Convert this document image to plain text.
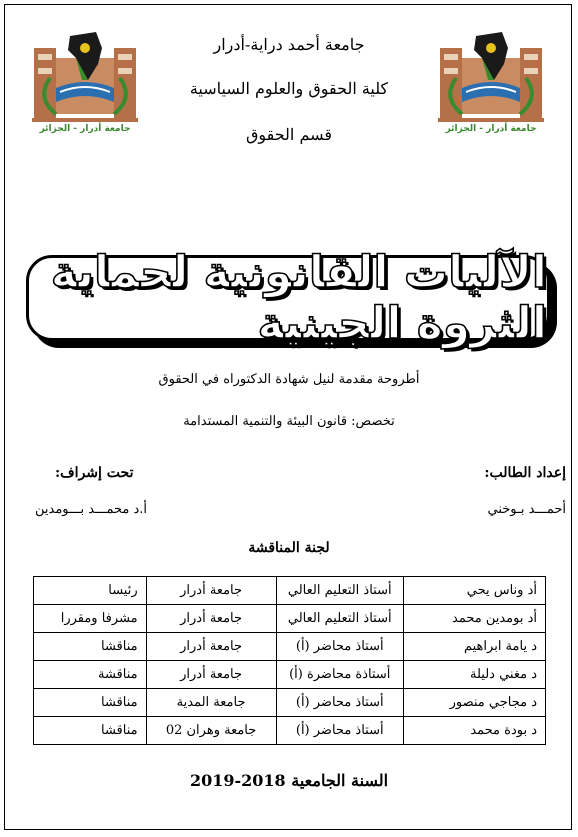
جامعة أدرار - الجزائر	جامعة أدرار - الجزائر
جامعة أحمد دراية-أدرار
كلية الحقوق والعلوم السياسية
قسم الحقوق
الآليات القانونية لحماية الثروة الجينية
أطروحة مقدمة لنيل شهادة الدكتوراه في الحقوق
تخصص: قانون البيئة والتنمية المستدامة
إعداد الطالب:
تحت إشراف:
أحمـــد بـوخني
أ.د محمـــد بـــومدين
لجنة المناقشة
أد وناس يحي	أستاذ التعليم العالي	جامعة أدرار	رئيسا
أد بومدين محمد	أستاذ التعليم العالي	جامعة أدرار	مشرفا ومقررا
د يامة ابراهيم	أستاذ محاضر (أ)	جامعة أدرار	مناقشا
د مغني دليلة	أستاذة محاضرة (أ)	جامعة أدرار	مناقشة
د مجاجي منصور	أستاذ محاضر (أ)	جامعة المدية	مناقشا
د بودة محمد	أستاذ محاضر (أ)	جامعة وهران 02	مناقشا
السنة الجامعية 2018-2019
